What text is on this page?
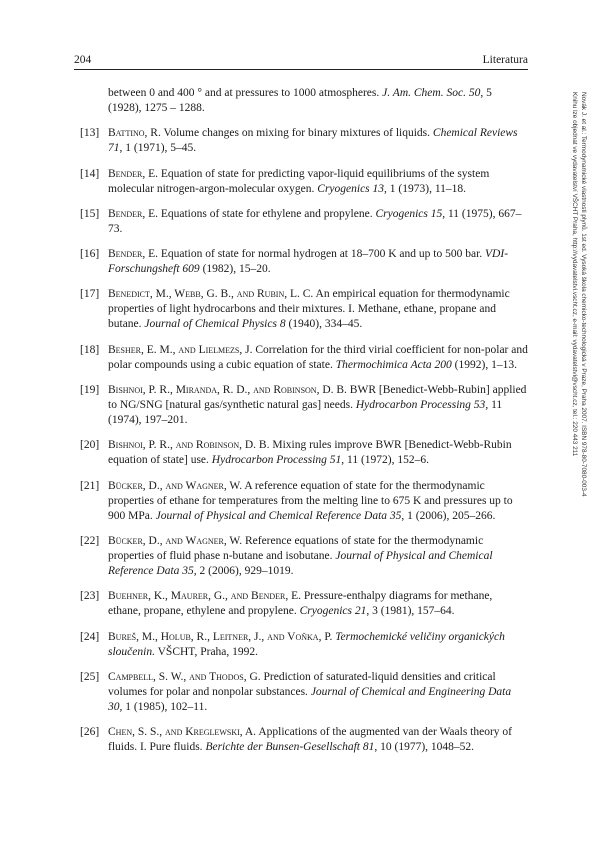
204	Literatura
Novák J. et al.: Termodynamické vlastnosti plynů. 1st ed. Vysoká škola chemicko-technologická v Praze, Praha 2007. ISBN 978-80-7080-003-4
Knihu lze objednat ve vydavatelství VŠCHT Praha, http://vydavatelstvi.vscht.cz, e-mail: vydavatelstvi@vscht.cz, tel.: 220 443 211
between 0 and 400 ° and at pressures to 1000 atmospheres. J. Am. Chem. Soc. 50, 5 (1928), 1275 – 1288.
[13] Battino, R. Volume changes on mixing for binary mixtures of liquids. Chemical Reviews 71, 1 (1971), 5–45.
[14] Bender, E. Equation of state for predicting vapor-liquid equilibriums of the system molecular nitrogen-argon-molecular oxygen. Cryogenics 13, 1 (1973), 11–18.
[15] Bender, E. Equations of state for ethylene and propylene. Cryogenics 15, 11 (1975), 667–73.
[16] Bender, E. Equation of state for normal hydrogen at 18–700 K and up to 500 bar. VDI-Forschungsheft 609 (1982), 15–20.
[17] Benedict, M., Webb, G. B., and Rubin, L. C. An empirical equation for thermodynamic properties of light hydrocarbons and their mixtures. I. Methane, ethane, propane and butane. Journal of Chemical Physics 8 (1940), 334–45.
[18] Besher, E. M., and Lielmezs, J. Correlation for the third virial coefficient for non-polar and polar compounds using a cubic equation of state. Thermochimica Acta 200 (1992), 1–13.
[19] Bishnoi, P. R., Miranda, R. D., and Robinson, D. B. BWR [Benedict-Webb-Rubin] applied to NG/SNG [natural gas/synthetic natural gas] needs. Hydrocarbon Processing 53, 11 (1974), 197–201.
[20] Bishnoi, P. R., and Robinson, D. B. Mixing rules improve BWR [Benedict-Webb-Rubin equation of state] use. Hydrocarbon Processing 51, 11 (1972), 152–6.
[21] Bücker, D., and Wagner, W. A reference equation of state for the thermodynamic properties of ethane for temperatures from the melting line to 675 K and pressures up to 900 MPa. Journal of Physical and Chemical Reference Data 35, 1 (2006), 205–266.
[22] Bücker, D., and Wagner, W. Reference equations of state for the thermodynamic properties of fluid phase n-butane and isobutane. Journal of Physical and Chemical Reference Data 35, 2 (2006), 929–1019.
[23] Buehner, K., Maurer, G., and Bender, E. Pressure-enthalpy diagrams for methane, ethane, propane, ethylene and propylene. Cryogenics 21, 3 (1981), 157–64.
[24] Bureš, M., Holub, R., Leitner, J., and Voňka, P. Termochemické veličiny organických sloučenin. VŠCHT, Praha, 1992.
[25] Campbell, S. W., and Thodos, G. Prediction of saturated-liquid densities and critical volumes for polar and nonpolar substances. Journal of Chemical and Engineering Data 30, 1 (1985), 102–11.
[26] Chen, S. S., and Kreglewski, A. Applications of the augmented van der Waals theory of fluids. I. Pure fluids. Berichte der Bunsen-Gesellschaft 81, 10 (1977), 1048–52.
